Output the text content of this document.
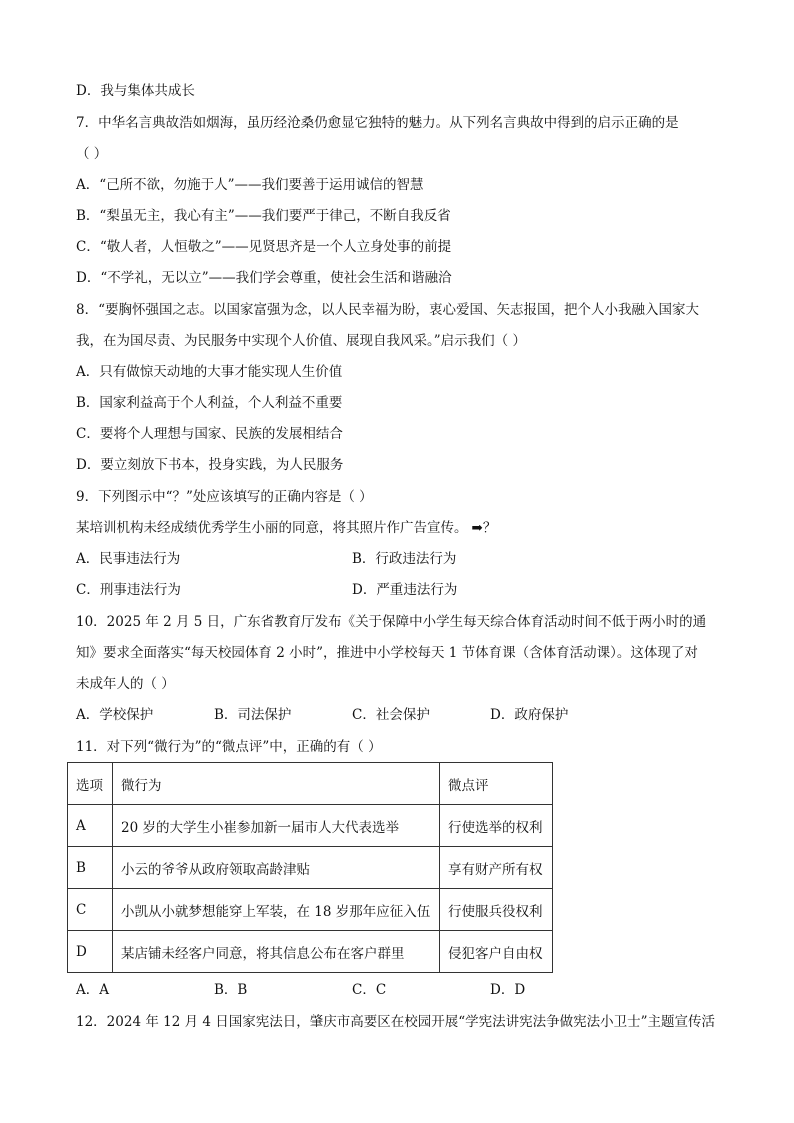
D．我与集体共成长
7．中华名言典故浩如烟海，虽历经沧桑仍愈显它独特的魅力。从下列名言典故中得到的启示正确的是
（ ）
A．“己所不欲，勿施于人”——我们要善于运用诚信的智慧
B．“梨虽无主，我心有主”——我们要严于律己，不断自我反省
C．“敬人者，人恒敬之”——见贤思齐是一个人立身处事的前提
D．“不学礼，无以立”——我们学会尊重，使社会生活和谐融洽
8．“要胸怀强国之志。以国家富强为念，以人民幸福为盼，衷心爱国、矢志报国，把个人小我融入国家大
我，在为国尽责、为民服务中实现个人价值、展现自我风采。”启示我们（ ）
A．只有做惊天动地的大事才能实现人生价值
B．国家利益高于个人利益，个人利益不重要
C．要将个人理想与国家、民族的发展相结合
D．要立刻放下书本，投身实践，为人民服务
9．下列图示中“？”处应该填写的正确内容是（ ）
某培训机构未经成绩优秀学生小丽的同意，将其照片作广告宣传。 ➡？
A．民事违法行为	B．行政违法行为
C．刑事违法行为	D．严重违法行为
10．2025 年 2 月 5 日，广东省教育厅发布《关于保障中小学生每天综合体育活动时间不低于两小时的通
知》要求全面落实“每天校园体育 2 小时”，推进中小学校每天 1 节体育课（含体育活动课）。这体现了对
未成年人的（ ）
A．学校保护	B．司法保护	C．社会保护	D．政府保护
11．对下列“微行为”的“微点评”中，正确的有（ ）
选项	微行为	微点评
A	20 岁的大学生小崔参加新一届市人大代表选举	行使选举的权利
B	小云的爷爷从政府领取高龄津贴	享有财产所有权
C	小凯从小就梦想能穿上军装，在 18 岁那年应征入伍	行使服兵役权利
D	某店铺未经客户同意，将其信息公布在客户群里	侵犯客户自由权
A．A	B．B	C．C	D．D
12．2024 年 12 月 4 日国家宪法日，肇庆市高要区在校园开展“学宪法讲宪法争做宪法小卫士”主题宣传活
